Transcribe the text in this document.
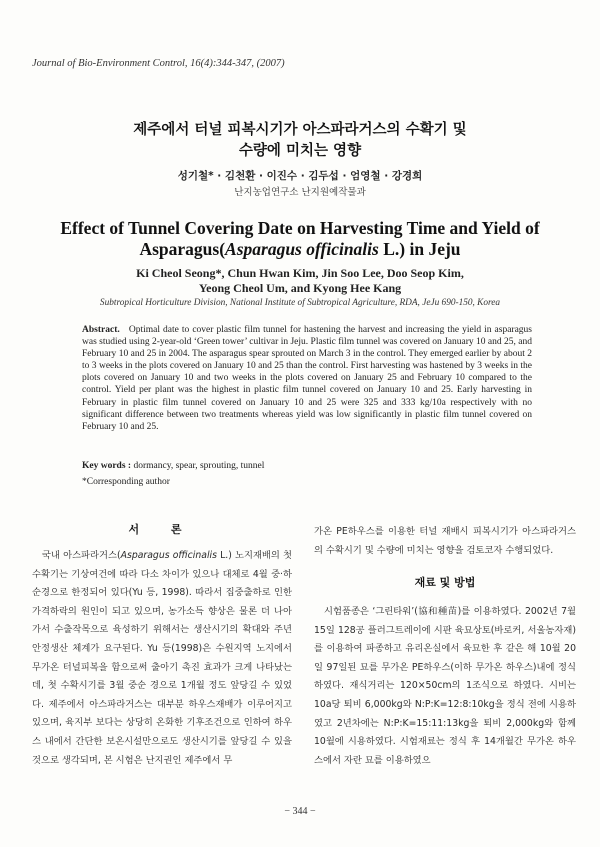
Journal of Bio-Environment Control, 16(4):344-347, (2007)
제주에서 터널 피복시기가 아스파라거스의 수확기 및
수량에 미치는 영향
성기철* · 김천환 · 이진수 · 김두섭 · 엄영철 · 강경희
난지농업연구소 난지원예작물과
Effect of Tunnel Covering Date on Harvesting Time and Yield of
Asparagus(Asparagus officinalis L.) in Jeju
Ki Cheol Seong*, Chun Hwan Kim, Jin Soo Lee, Doo Seop Kim,
Yeong Cheol Um, and Kyong Hee Kang
Subtropical Horticulture Division, National Institute of Subtropical Agriculture, RDA, JeJu 690-150, Korea
Abstract. Optimal date to cover plastic film tunnel for hastening the harvest and increasing the yield in asparagus was studied using 2-year-old ‘Green tower’ cultivar in Jeju. Plastic film tunnel was covered on January 10 and 25, and February 10 and 25 in 2004. The asparagus spear sprouted on March 3 in the control. They emerged earlier by about 2 to 3 weeks in the plots covered on January 10 and 25 than the control. First harvesting was hastened by 3 weeks in the plots covered on January 10 and two weeks in the plots covered on January 25 and February 10 compared to the control. Yield per plant was the highest in plastic film tunnel covered on January 10 and 25. Early harvesting in February in plastic film tunnel covered on January 10 and 25 were 325 and 333 kg/10a respectively with no significant difference between two treatments whereas yield was low significantly in plastic film tunnel covered on February 10 and 25.
Key words : dormancy, spear, sprouting, tunnel
*Corresponding author
서 론

국내 아스파라거스(Asparagus officinalis L.) 노지재배의 첫 수확기는 기상여건에 따라 다소 차이가 있으나 대체로 4월 중·하순경으로 한정되어 있다(Yu 등, 1998). 따라서 집중출하로 인한 가격하락의 원인이 되고 있으며, 농가소득 향상은 물론 더 나아가서 수출작목으로 육성하기 위해서는 생산시기의 확대와 주년 안정생산 체계가 요구된다. Yu 등(1998)은 수원지역 노지에서 무가온 터널피복을 함으로써 출아기 촉진 효과가 크게 나타났는데, 첫 수확시기를 3월 중순 경으로 1개월 정도 앞당길 수 있었다. 제주에서 아스파라거스는 대부분 하우스재배가 이루어지고 있으며, 육지부 보다는 상당히 온화한 기후조건으로 인하여 하우스 내에서 간단한 보온시설만으로도 생산시기를 앞당길 수 있을 것으로 생각되며, 본 시험은 난지권인 제주에서 무

가온 PE하우스를 이용한 터널 재배시 피복시기가 아스파라거스의 수확시기 및 수량에 미치는 영향을 검토코자 수행되었다.

재료 및 방법

시험품종은 ‘그린타워’(協和種苗)를 이용하였다. 2002년 7월 15일 128공 플러그트레이에 시판 육묘상토(바로커, 서울농자재)를 이용하여 파종하고 유리온실에서 육묘한 후 같은 해 10월 20일 97일된 묘를 무가온 PE하우스(이하 무가온 하우스)내에 정식하였다. 재식거리는 120×50cm의 1조식으로 하였다. 시비는 10a당 퇴비 6,000kg와 N:P:K=12:8:10kg을 정식 전에 시용하였고 2년차에는 N:P:K=15:11:13kg을 퇴비 2,000kg와 함께 10월에 시용하였다. 시험재료는 정식 후 14개월간 무가온 하우스에서 자란 묘를 이용하였으

− 344 −
